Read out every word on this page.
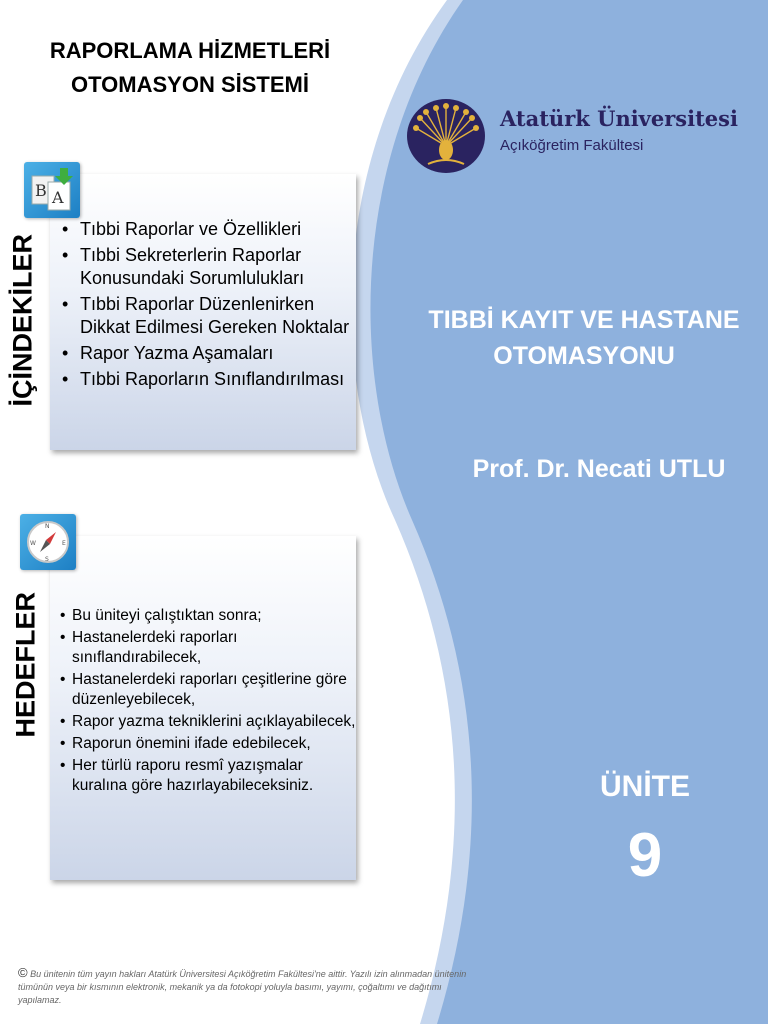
RAPORLAMA HİZMETLERİ OTOMASYON SİSTEMİ
İÇİNDEKİLER
• Tıbbi Raporlar ve Özellikleri
• Tıbbi Sekreterlerin Raporlar Konusundaki Sorumlulukları
• Tıbbi Raporlar Düzenlenirken Dikkat Edilmesi Gereken Noktalar
• Rapor Yazma Aşamaları
• Tıbbi Raporların Sınıflandırılması
B A
HEDEFLER
• Bu üniteyi çalıştıktan sonra;
• Hastanelerdeki raporları sınıflandırabilecek,
• Hastanelerdeki raporları çeşitlerine göre düzenleyebilecek,
• Rapor yazma tekniklerini açıklayabilecek,
• Raporun önemini ifade edebilecek,
• Her türlü raporu resmî yazışmalar kuralına göre hazırlayabileceksiniz.
N
S
W	E
Atatürk Üniversitesi
Açıköğretim Fakültesi
TIBBİ KAYIT VE HASTANE OTOMASYONU
Prof. Dr. Necati UTLU
ÜNİTE
9
© Bu ünitenin tüm yayın hakları Atatürk Üniversitesi Açıköğretim Fakültesi'ne aittir. Yazılı izin alınmadan ünitenin tümünün veya bir kısmının elektronik, mekanik ya da fotokopi yoluyla basımı, yayımı, çoğaltımı ve dağıtımı yapılamaz.
